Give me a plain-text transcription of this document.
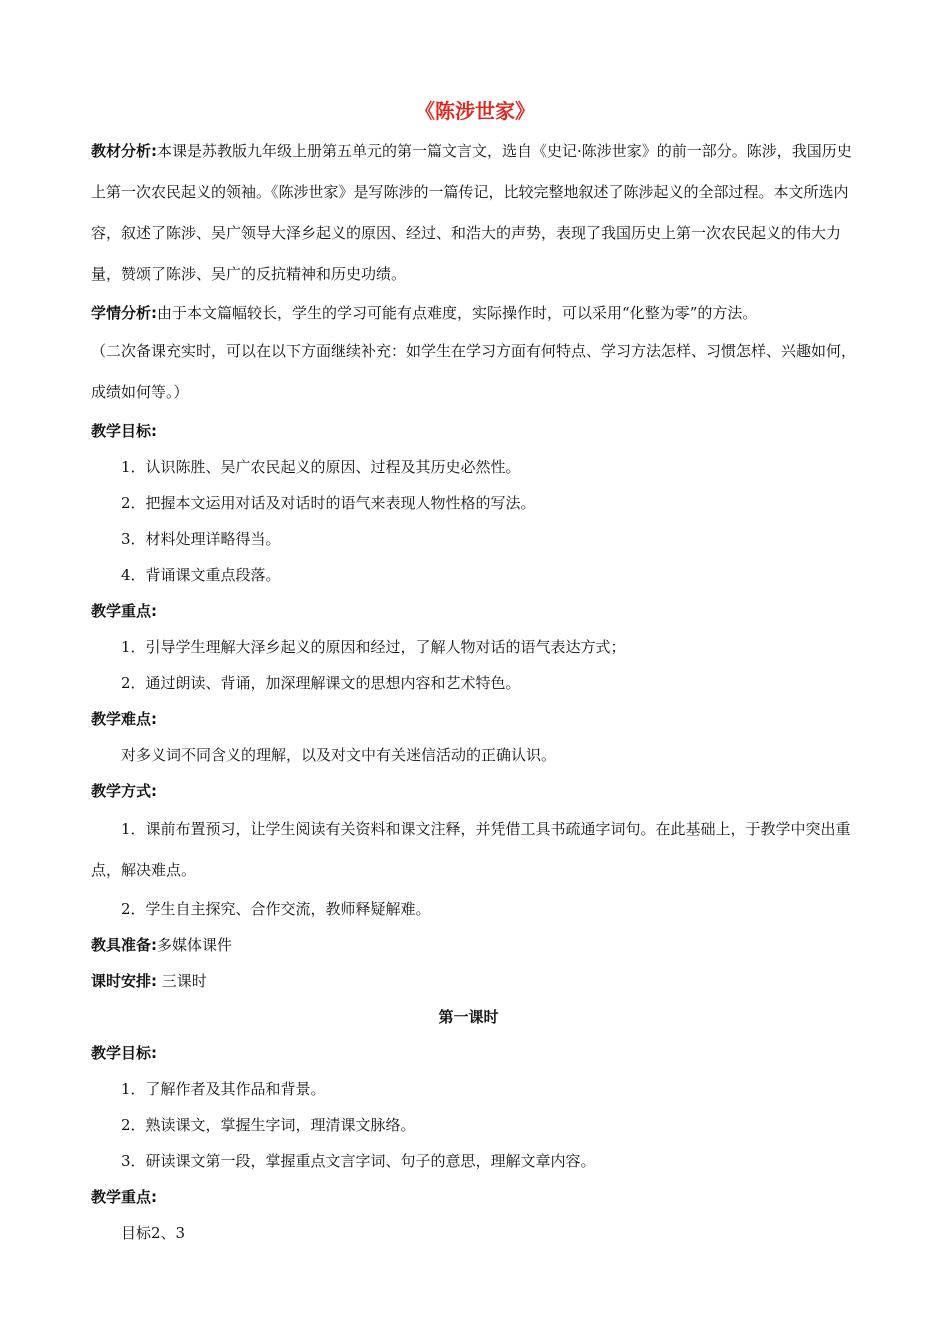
《陈涉世家》

教材分析:本课是苏教版九年级上册第五单元的第一篇文言文，选自《史记·陈涉世家》的前一部分。陈涉，我国历史上第一次农民起义的领袖。《陈涉世家》是写陈涉的一篇传记，比较完整地叙述了陈涉起义的全部过程。本文所选内容，叙述了陈涉、吴广领导大泽乡起义的原因、经过、和浩大的声势，表现了我国历史上第一次农民起义的伟大力量，赞颂了陈涉、吴广的反抗精神和历史功绩。

学情分析:由于本文篇幅较长，学生的学习可能有点难度，实际操作时，可以采用“化整为零”的方法。

（二次备课充实时，可以在以下方面继续补充：如学生在学习方面有何特点、学习方法怎样、习惯怎样、兴趣如何，成绩如何等。）

教学目标:

1．认识陈胜、吴广农民起义的原因、过程及其历史必然性。

2．把握本文运用对话及对话时的语气来表现人物性格的写法。

3．材料处理详略得当。

4．背诵课文重点段落。

教学重点:

1．引导学生理解大泽乡起义的原因和经过，了解人物对话的语气表达方式；

2．通过朗读、背诵，加深理解课文的思想内容和艺术特色。

教学难点:

对多义词不同含义的理解，以及对文中有关迷信活动的正确认识。

教学方式:

1．课前布置预习，让学生阅读有关资料和课文注释，并凭借工具书疏通字词句。在此基础上，于教学中突出重点，解决难点。

2．学生自主探究、合作交流，教师释疑解难。

教具准备:多媒体课件

课时安排: 三课时

第一课时

教学目标:

1．了解作者及其作品和背景。

2．熟读课文，掌握生字词，理清课文脉络。

3．研读课文第一段，掌握重点文言字词、句子的意思，理解文章内容。

教学重点:

目标2、3
